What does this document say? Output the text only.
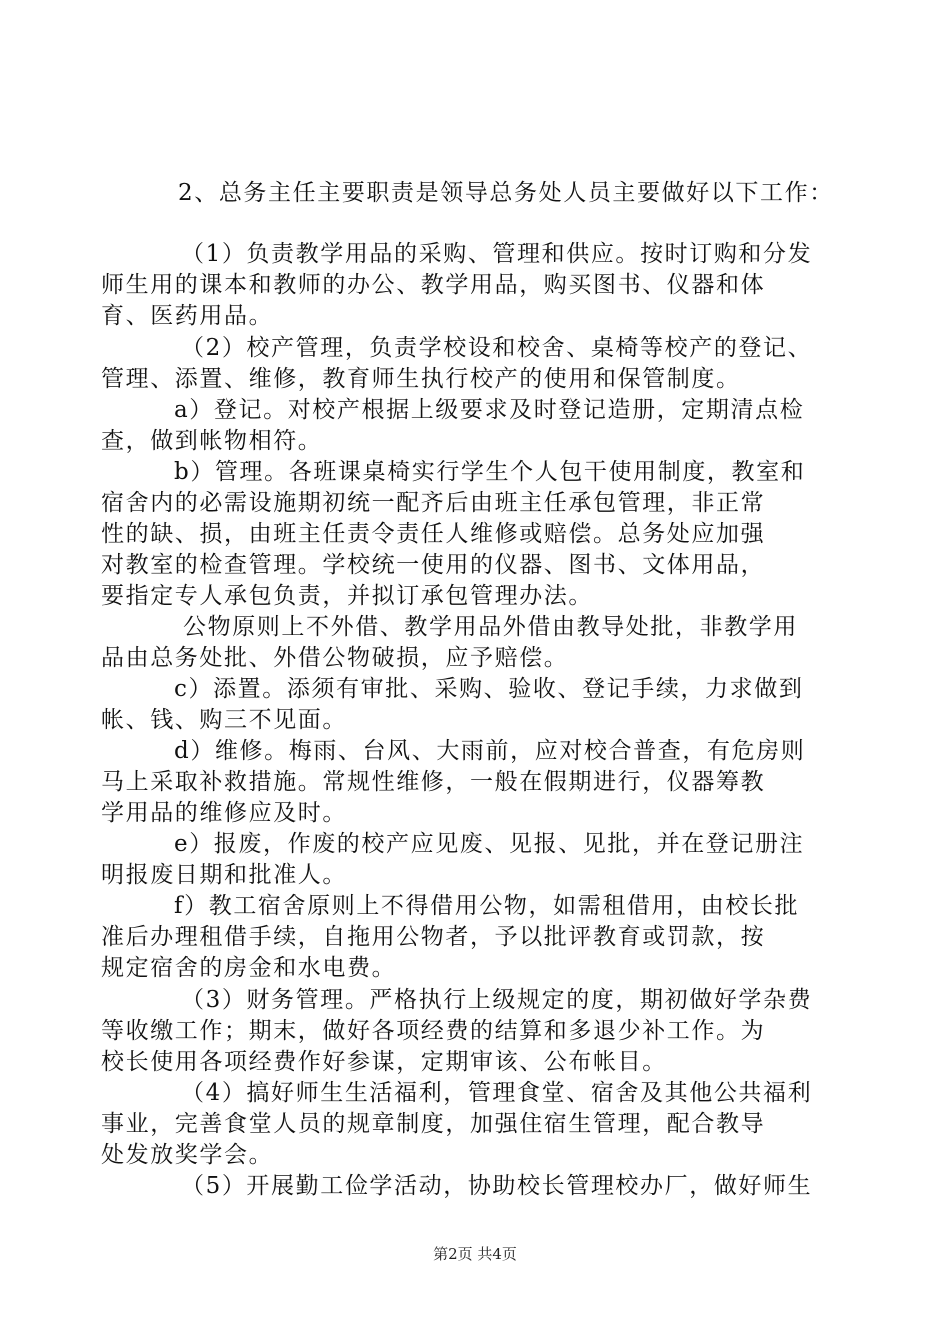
2、总务主任主要职责是领导总务处人员主要做好以下工作：
（1）负责教学用品的采购、管理和供应。按时订购和分发
师生用的课本和教师的办公、教学用品，购买图书、仪器和体
育、医药用品。
（2）校产管理，负责学校设和校舍、桌椅等校产的登记、
管理、添置、维修，教育师生执行校产的使用和保管制度。
a）登记。对校产根据上级要求及时登记造册，定期清点检
查，做到帐物相符。
b）管理。各班课桌椅实行学生个人包干使用制度，教室和
宿舍内的必需设施期初统一配齐后由班主任承包管理，非正常
性的缺、损，由班主任责令责任人维修或赔偿。总务处应加强
对教室的检查管理。学校统一使用的仪器、图书、文体用品，
要指定专人承包负责，并拟订承包管理办法。
公物原则上不外借、教学用品外借由教导处批，非教学用
品由总务处批、外借公物破损，应予赔偿。
c）添置。添须有审批、采购、验收、登记手续，力求做到
帐、钱、购三不见面。
d）维修。梅雨、台风、大雨前，应对校合普查，有危房则
马上采取补救措施。常规性维修，一般在假期进行，仪器筹教
学用品的维修应及时。
e）报废，作废的校产应见废、见报、见批，并在登记册注
明报废日期和批准人。
f）教工宿舍原则上不得借用公物，如需租借用，由校长批
准后办理租借手续，自拖用公物者，予以批评教育或罚款，按
规定宿舍的房金和水电费。
（3）财务管理。严格执行上级规定的度，期初做好学杂费
等收缴工作；期末，做好各项经费的结算和多退少补工作。为
校长使用各项经费作好参谋，定期审该、公布帐目。
（4）搞好师生生活福利，管理食堂、宿舍及其他公共福利
事业，完善食堂人员的规章制度，加强住宿生管理，配合教导
处发放奖学会。
（5）开展勤工俭学活动，协助校长管理校办厂，做好师生
第2页 共4页
